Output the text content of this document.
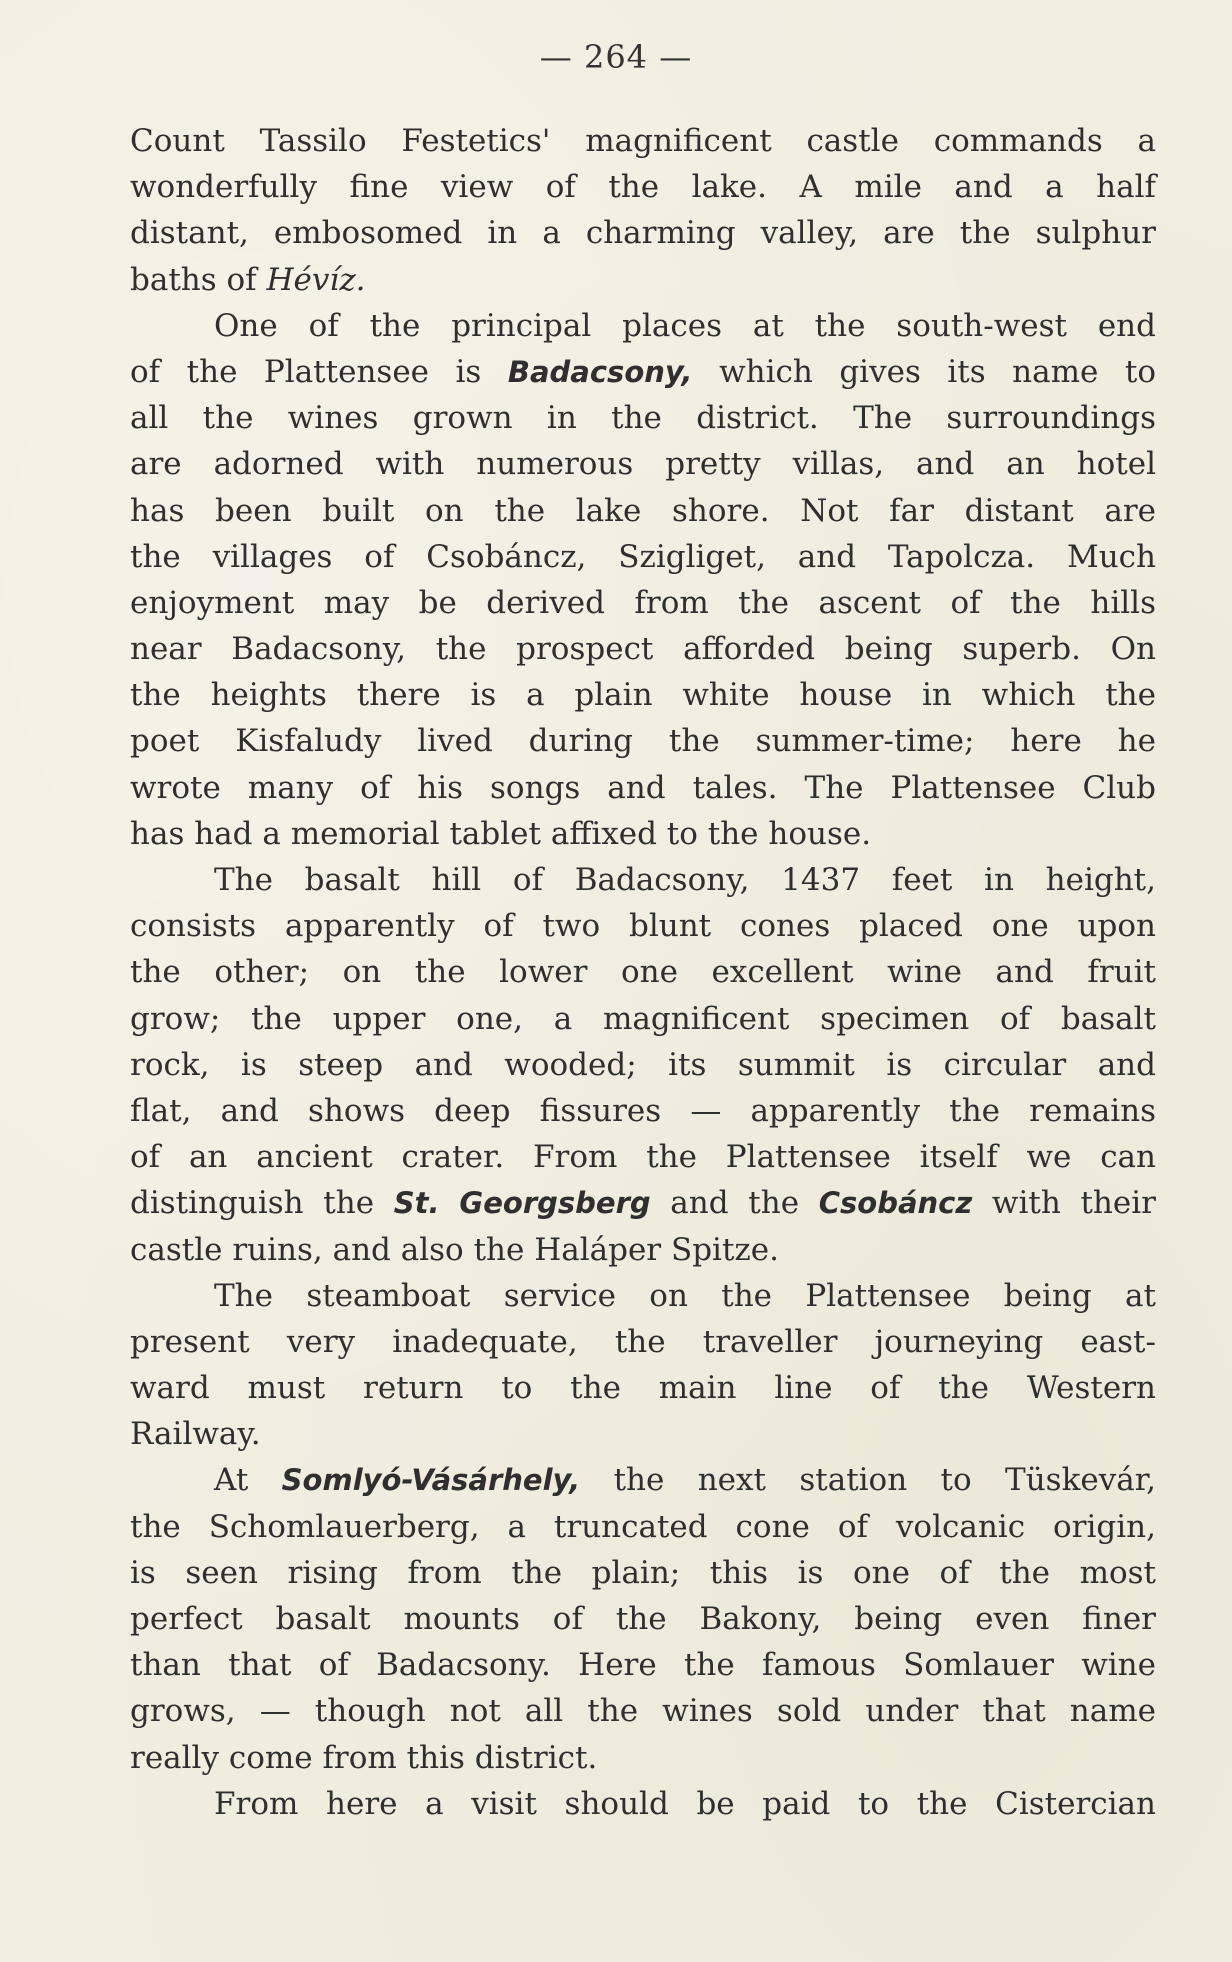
— 264 —
Count Tassilo Festetics' magnificent castle commands a
wonderfully fine view of the lake. A mile and a half
distant, embosomed in a charming valley, are the sulphur
baths of Hévíz.
One of the principal places at the south-west end
of the Plattensee is Badacsony, which gives its name to
all the wines grown in the district. The surroundings
are adorned with numerous pretty villas, and an hotel
has been built on the lake shore. Not far distant are
the villages of Csobáncz, Szigliget, and Tapolcza. Much
enjoyment may be derived from the ascent of the hills
near Badacsony, the prospect afforded being superb. On
the heights there is a plain white house in which the
poet Kisfaludy lived during the summer-time; here he
wrote many of his songs and tales. The Plattensee Club
has had a memorial tablet affixed to the house.
The basalt hill of Badacsony, 1437 feet in height,
consists apparently of two blunt cones placed one upon
the other; on the lower one excellent wine and fruit
grow; the upper one, a magnificent specimen of basalt
rock, is steep and wooded; its summit is circular and
flat, and shows deep fissures — apparently the remains
of an ancient crater. From the Plattensee itself we can
distinguish the St. Georgsberg and the Csobáncz with their
castle ruins, and also the Haláper Spitze.
The steamboat service on the Plattensee being at
present very inadequate, the traveller journeying east-
ward must return to the main line of the Western
Railway.
At Somlyó-Vásárhely, the next station to Tüskevár,
the Schomlauerberg, a truncated cone of volcanic origin,
is seen rising from the plain; this is one of the most
perfect basalt mounts of the Bakony, being even finer
than that of Badacsony. Here the famous Somlauer wine
grows, — though not all the wines sold under that name
really come from this district.
From here a visit should be paid to the Cistercian
